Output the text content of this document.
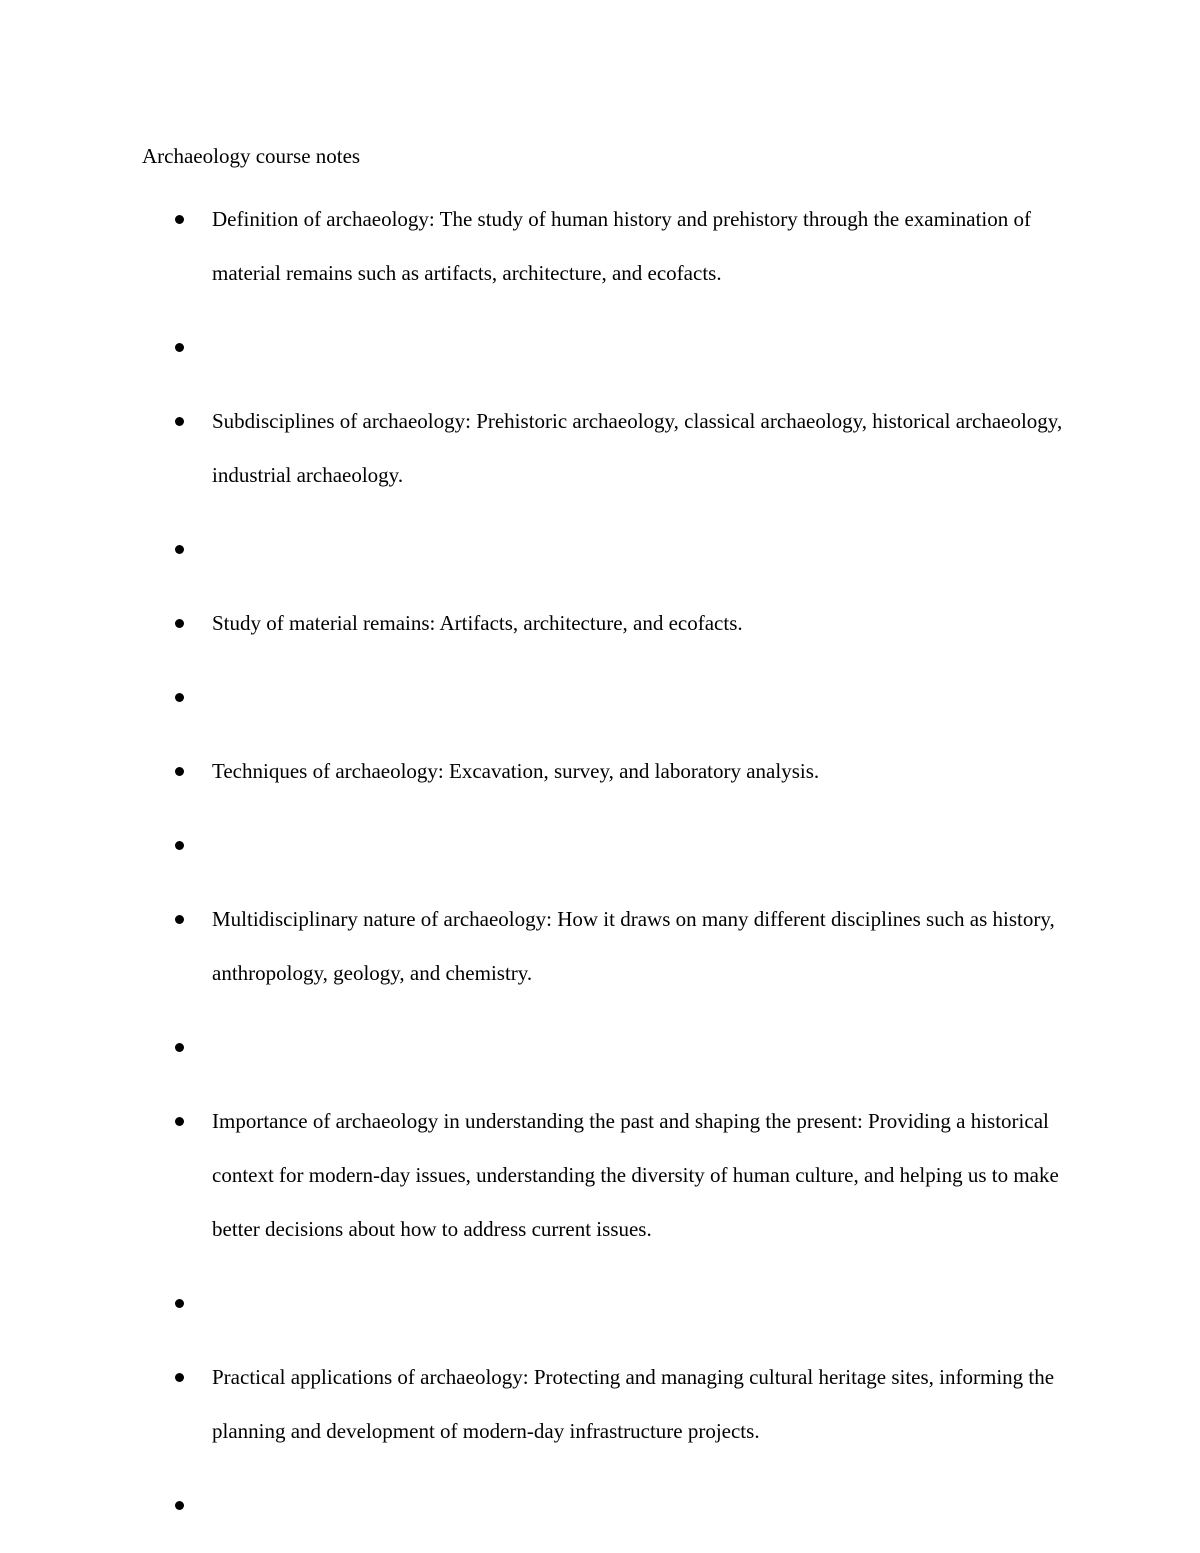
Archaeology course notes
Definition of archaeology: The study of human history and prehistory through the examination of material remains such as artifacts, architecture, and ecofacts.
Subdisciplines of archaeology: Prehistoric archaeology, classical archaeology, historical archaeology, industrial archaeology.
Study of material remains: Artifacts, architecture, and ecofacts.
Techniques of archaeology: Excavation, survey, and laboratory analysis.
Multidisciplinary nature of archaeology: How it draws on many different disciplines such as history, anthropology, geology, and chemistry.
Importance of archaeology in understanding the past and shaping the present: Providing a historical context for modern-day issues, understanding the diversity of human culture, and helping us to make better decisions about how to address current issues.
Practical applications of archaeology: Protecting and managing cultural heritage sites, informing the planning and development of modern-day infrastructure projects.
